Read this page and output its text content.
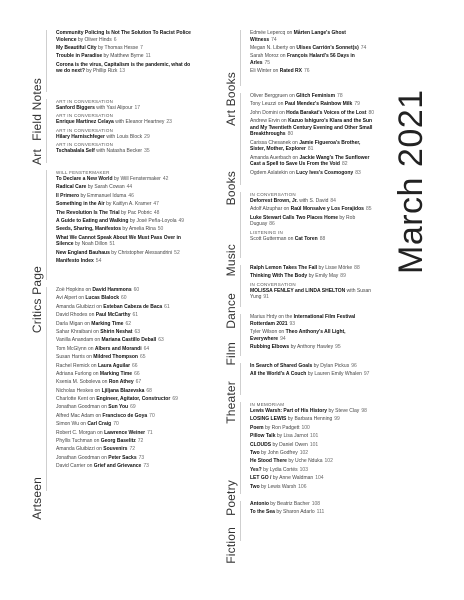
March 2021
Field Notes
Community Policing Is Not The Solution To Racist Police Violence by Oliver Hinds 6
My Beautiful City by Thomas Hesse 7
Trouble in Paradise by Matthew Byrne 11
Corona is the virus, Capitalism is the pandemic, what do we do next? by Phillip Rizk 13
Art
ART IN CONVERSATION
Sanford Biggers with Yasi Alipour 17
ART IN CONVERSATION
Enrique Martínez Celaya with Eleanor Heartney 23
ART IN CONVERSATION
Hilary Harnischfeger with Louis Block 29
ART IN CONVERSATION
Tschabalala Self with Natasha Becker 35
Critics Page
WILL FENSTERMAKER
To Declare a New World by Will Fenstermaker 42
Radical Care by Sarah Cowan 44
Il Primero by Emmanuel Iduma 46
Something in the Air by Kaitlyn A. Kramer 47
The Revolution Is The Trial by Pac Pobric 48
A Guide to Eating and Walking by José Peña-Loyola 49
Seeds, Sharing, Manifestos by Amelia Rina 50
What We Cannot Speak About We Must Pass Over in Silence by Noah Dillon 51
New England Bauhaus by Christopher Alessandrini 52
Manifesto Index 54
Artseen
Zoë Hopkins on David Hammons 60
Avi Alpert on Lucas Blalock 60
Amanda Gluibizzi on Esteban Cabeza de Baca 61
David Rhodes on Paul McCarthy 61
Darla Migan on Marking Time 62
Sahar Khraibani on Shirin Neshat 63
Vanilla Anandam on Mariana Castillo Deball 63
Tom McGlynn on Albers and Morandi 64
Susan Harris on Mildred Thompson 65
Rachel Remick on Laura Aguilar 66
Adriana Furlong on Marking Time 66
Ksenia M. Soboleva on Ron Athey 67
Nicholas Heskes on Ljiljana Blazevska 68
Charlotte Kent on Engineer, Agitator, Constructor 69
Jonathan Goodman on Sun You 69
Alfred Mac Adam on Francisco de Goya 70
Simon Wu on Carl Craig 70
Robert C. Morgan on Lawrence Weiner 71
Phyllis Tuchman on Georg Baselitz 72
Amanda Gluibizzi on Souvenirs 72
Jonathan Goodman on Peter Sacks 73
David Carrier on Grief and Grievance 73
Art Books
Edmée Lepercq on Mårten Lange's Ghost Witness 74
Megan N. Liberty on Ulises Carrión's Sonnet(s) 74
Sarah Moroz on François Halard's 56 Days in Arles 75
Eli Winter on Rated RX 76
Books
Oliver Berggruen on Glitch Feminism 78
Tony Leuzzi on Paul Mendez's Rainbow Milk 79
John Domini on Hoda Barakat's Voices of the Lost 80
Andrew Ervin on Kazuo Ishiguro's Klara and the Sun and My Twentieth Century Evening and Other Small Breakthroughs 80
Carissa Chesanek on Jamie Figueroa's Brother, Sister, Mother, Explorer 81
Amanda Auerbach on Jackie Wang's The Sunflower Cast a Spell to Save Us From the Void 82
Ogdem Aslatekin on Lucy Ives's Cosmogony 83
Music
IN CONVERSATION
Deforrest Brown, Jr. with S. David 84
Adolf Alzuphar on Raúl Monsalve y Los Forajidos 85
Luke Stewart Calls Two Places Home by Rob Duguay 86
LISTENING IN
Scott Gutterman on Cat Toren 88
Dance
Ralph Lemon Takes The Fall by Lisse Mörke 88
Thinking With The Body by Emily May 89
IN CONVERSATION
MOLISSA FENLEY and LINDA SHELTON with Susan Yung 91
Film
Marius Hrdy on the International Film Festival Rotterdam 2021 93
Tyler Wilson on Theo Anthony's All Light, Everywhere 94
Rubbing Elbows by Anthony Hawley 95
Theater
In Search of Shared Goals by Dylan Pickus 96
All the World's A Couch by Lauren Emily Whalen 97
Poetry
IN MEMORIAM
Lewis Warsh: Part of His History by Steve Clay 98
LOSING LEWIS by Barbara Henning 99
Poem by Ron Padgett 100
Pillow Talk by Lisa Jarnot 101
CLOUDS by Daniel Owen 101
Two by John Godfrey 102
He Stood There by Uche Nduka 102
Yes? by Lydia Cortés 103
LET GO / by Anne Waldman 104
Two by Lewis Warsh 106
Fiction
Antonio by Beatriz Bacher 108
To the Sea by Sharon Adarlo 111
